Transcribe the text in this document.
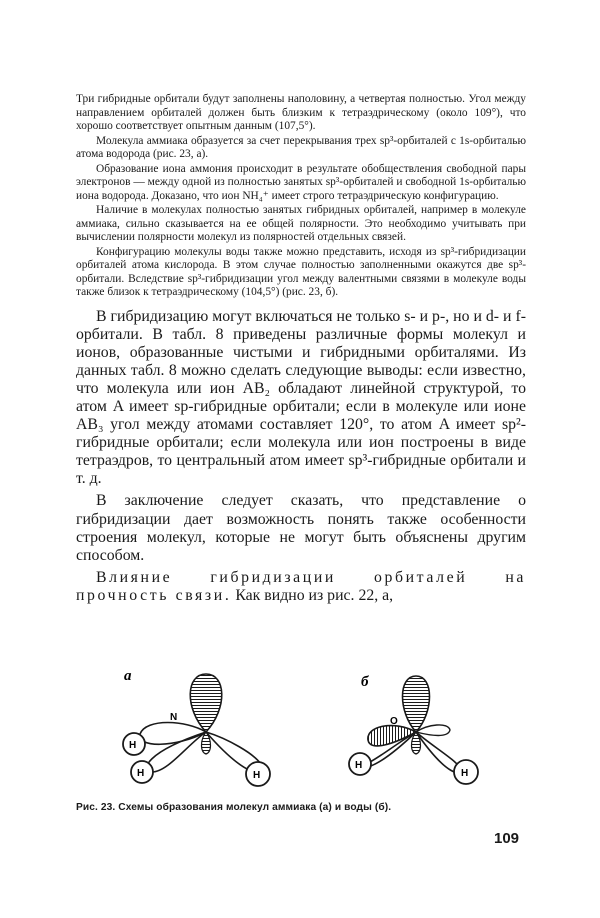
Три гибридные орбитали будут заполнены наполовину, а четвертая полностью. Угол между направлением орбиталей должен быть близким к тетраэдрическому (около 109°), что хорошо соответствует опытным данным (107,5°).

Молекула аммиака образуется за счет перекрывания трех sp³-орбиталей с 1s-орбиталью атома водорода (рис. 23, а).

Образование иона аммония происходит в результате обобществления свободной пары электронов — между одной из полностью занятых sp³-орбиталей и свободной 1s-орбиталью иона водорода. Доказано, что ион NH₄⁺ имеет строго тетраэдрическую конфигурацию.

Наличие в молекулах полностью занятых гибридных орбиталей, например в молекуле аммиака, сильно сказывается на ее общей полярности. Это необходимо учитывать при вычислении полярности молекул из полярностей отдельных связей.

Конфигурацию молекулы воды также можно представить, исходя из sp³-гибридизации орбиталей атома кислорода. В этом случае полностью заполненными окажутся две sp³-орбитали. Вследствие sp³-гибридизации угол между валентными связями в молекуле воды также близок к тетраэдрическому (104,5°) (рис. 23, б).

В гибридизацию могут включаться не только s- и p-, но и d- и f-орбитали. В табл. 8 приведены различные формы молекул и ионов, образованные чистыми и гибридными орбиталями. Из данных табл. 8 можно сделать следующие выводы: если известно, что молекула или ион AB₂ обладают линейной структурой, то атом A имеет sp-гибридные орбитали; если в молекуле или ионе AB₃ угол между атомами составляет 120°, то атом A имеет sp²-гибридные орбитали; если молекула или ион построены в виде тетраэдров, то центральный атом имеет sp³-гибридные орбитали и т. д.

В заключение следует сказать, что представление о гибридизации дает возможность понять также особенности строения молекул, которые не могут быть объяснены другим способом.

Влияние гибридизации орбиталей на прочность связи. Как видно из рис. 22, а,

а
H
H	H
N
б
H
H
O
Рис. 23. Схемы образования молекул аммиака (а) и воды (б).
109
